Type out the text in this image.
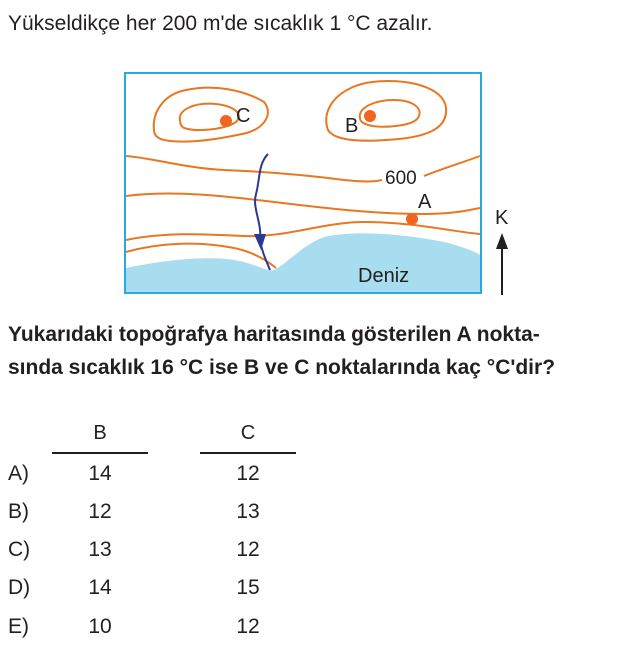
Yükseldikçe her 200 m'de sıcaklık 1 °C azalır.
C	B
A
600
Deniz
K
Yukarıdaki topoğrafya haritasında gösterilen A nokta-
sında sıcaklık 16 °C ise B ve C noktalarında kaç °C'dir?
B	C
A)	14	12
B)	12	13
C)	13	12
D)	14	15
E)	10	12
